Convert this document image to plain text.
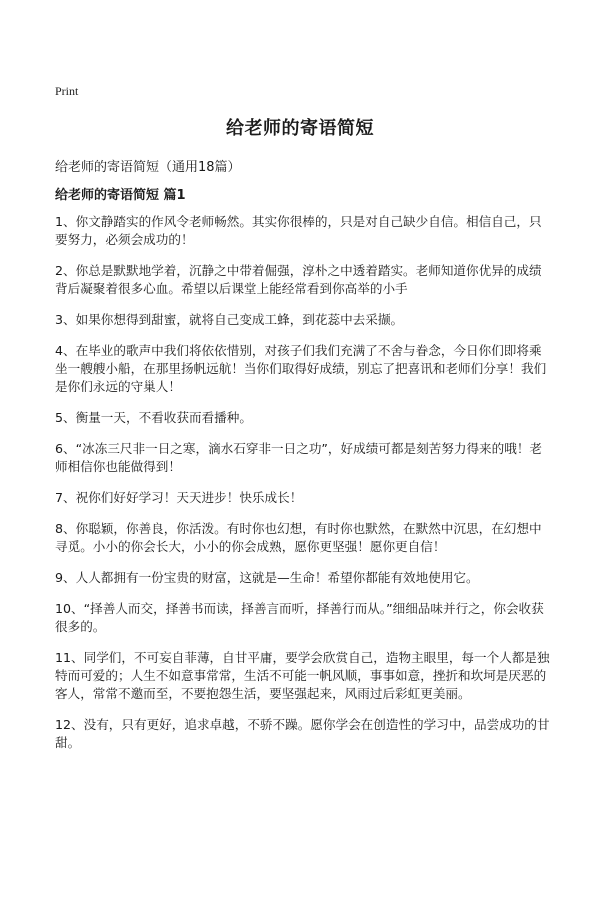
Print
给老师的寄语简短
给老师的寄语简短（通用18篇）
给老师的寄语简短 篇1

1、你文静踏实的作风令老师畅然。其实你很棒的，只是对自己缺少自信。相信自己，只要努力，必须会成功的！

2、你总是默默地学着，沉静之中带着倔强，淳朴之中透着踏实。老师知道你优异的成绩背后凝聚着很多心血。希望以后课堂上能经常看到你高举的小手

3、如果你想得到甜蜜，就将自己变成工蜂，到花蕊中去采撷。

4、在毕业的歌声中我们将依依惜别，对孩子们我们充满了不舍与眷念，今日你们即将乘坐一艘艘小船，在那里扬帆远航！当你们取得好成绩，别忘了把喜讯和老师们分享！我们是你们永远的守巢人！

5、衡量一天，不看收获而看播种。

6、“冰冻三尺非一日之寒，滴水石穿非一日之功”，好成绩可都是刻苦努力得来的哦！老师相信你也能做得到！

7、祝你们好好学习！天天进步！快乐成长！

8、你聪颖，你善良，你活泼。有时你也幻想，有时你也默然，在默然中沉思，在幻想中寻觅。小小的你会长大，小小的你会成熟，愿你更坚强！愿你更自信！

9、人人都拥有一份宝贵的财富，这就是—生命！希望你都能有效地使用它。

10、“择善人而交，择善书而读，择善言而听，择善行而从。”细细品味并行之，你会收获很多的。

11、同学们，不可妄自菲薄，自甘平庸，要学会欣赏自己，造物主眼里，每一个人都是独特而可爱的；人生不如意事常常，生活不可能一帆风顺，事事如意，挫折和坎坷是厌恶的客人，常常不邀而至，不要抱怨生活，要坚强起来，风雨过后彩虹更美丽。

12、没有，只有更好，追求卓越，不骄不躁。愿你学会在创造性的学习中，品尝成功的甘甜。
